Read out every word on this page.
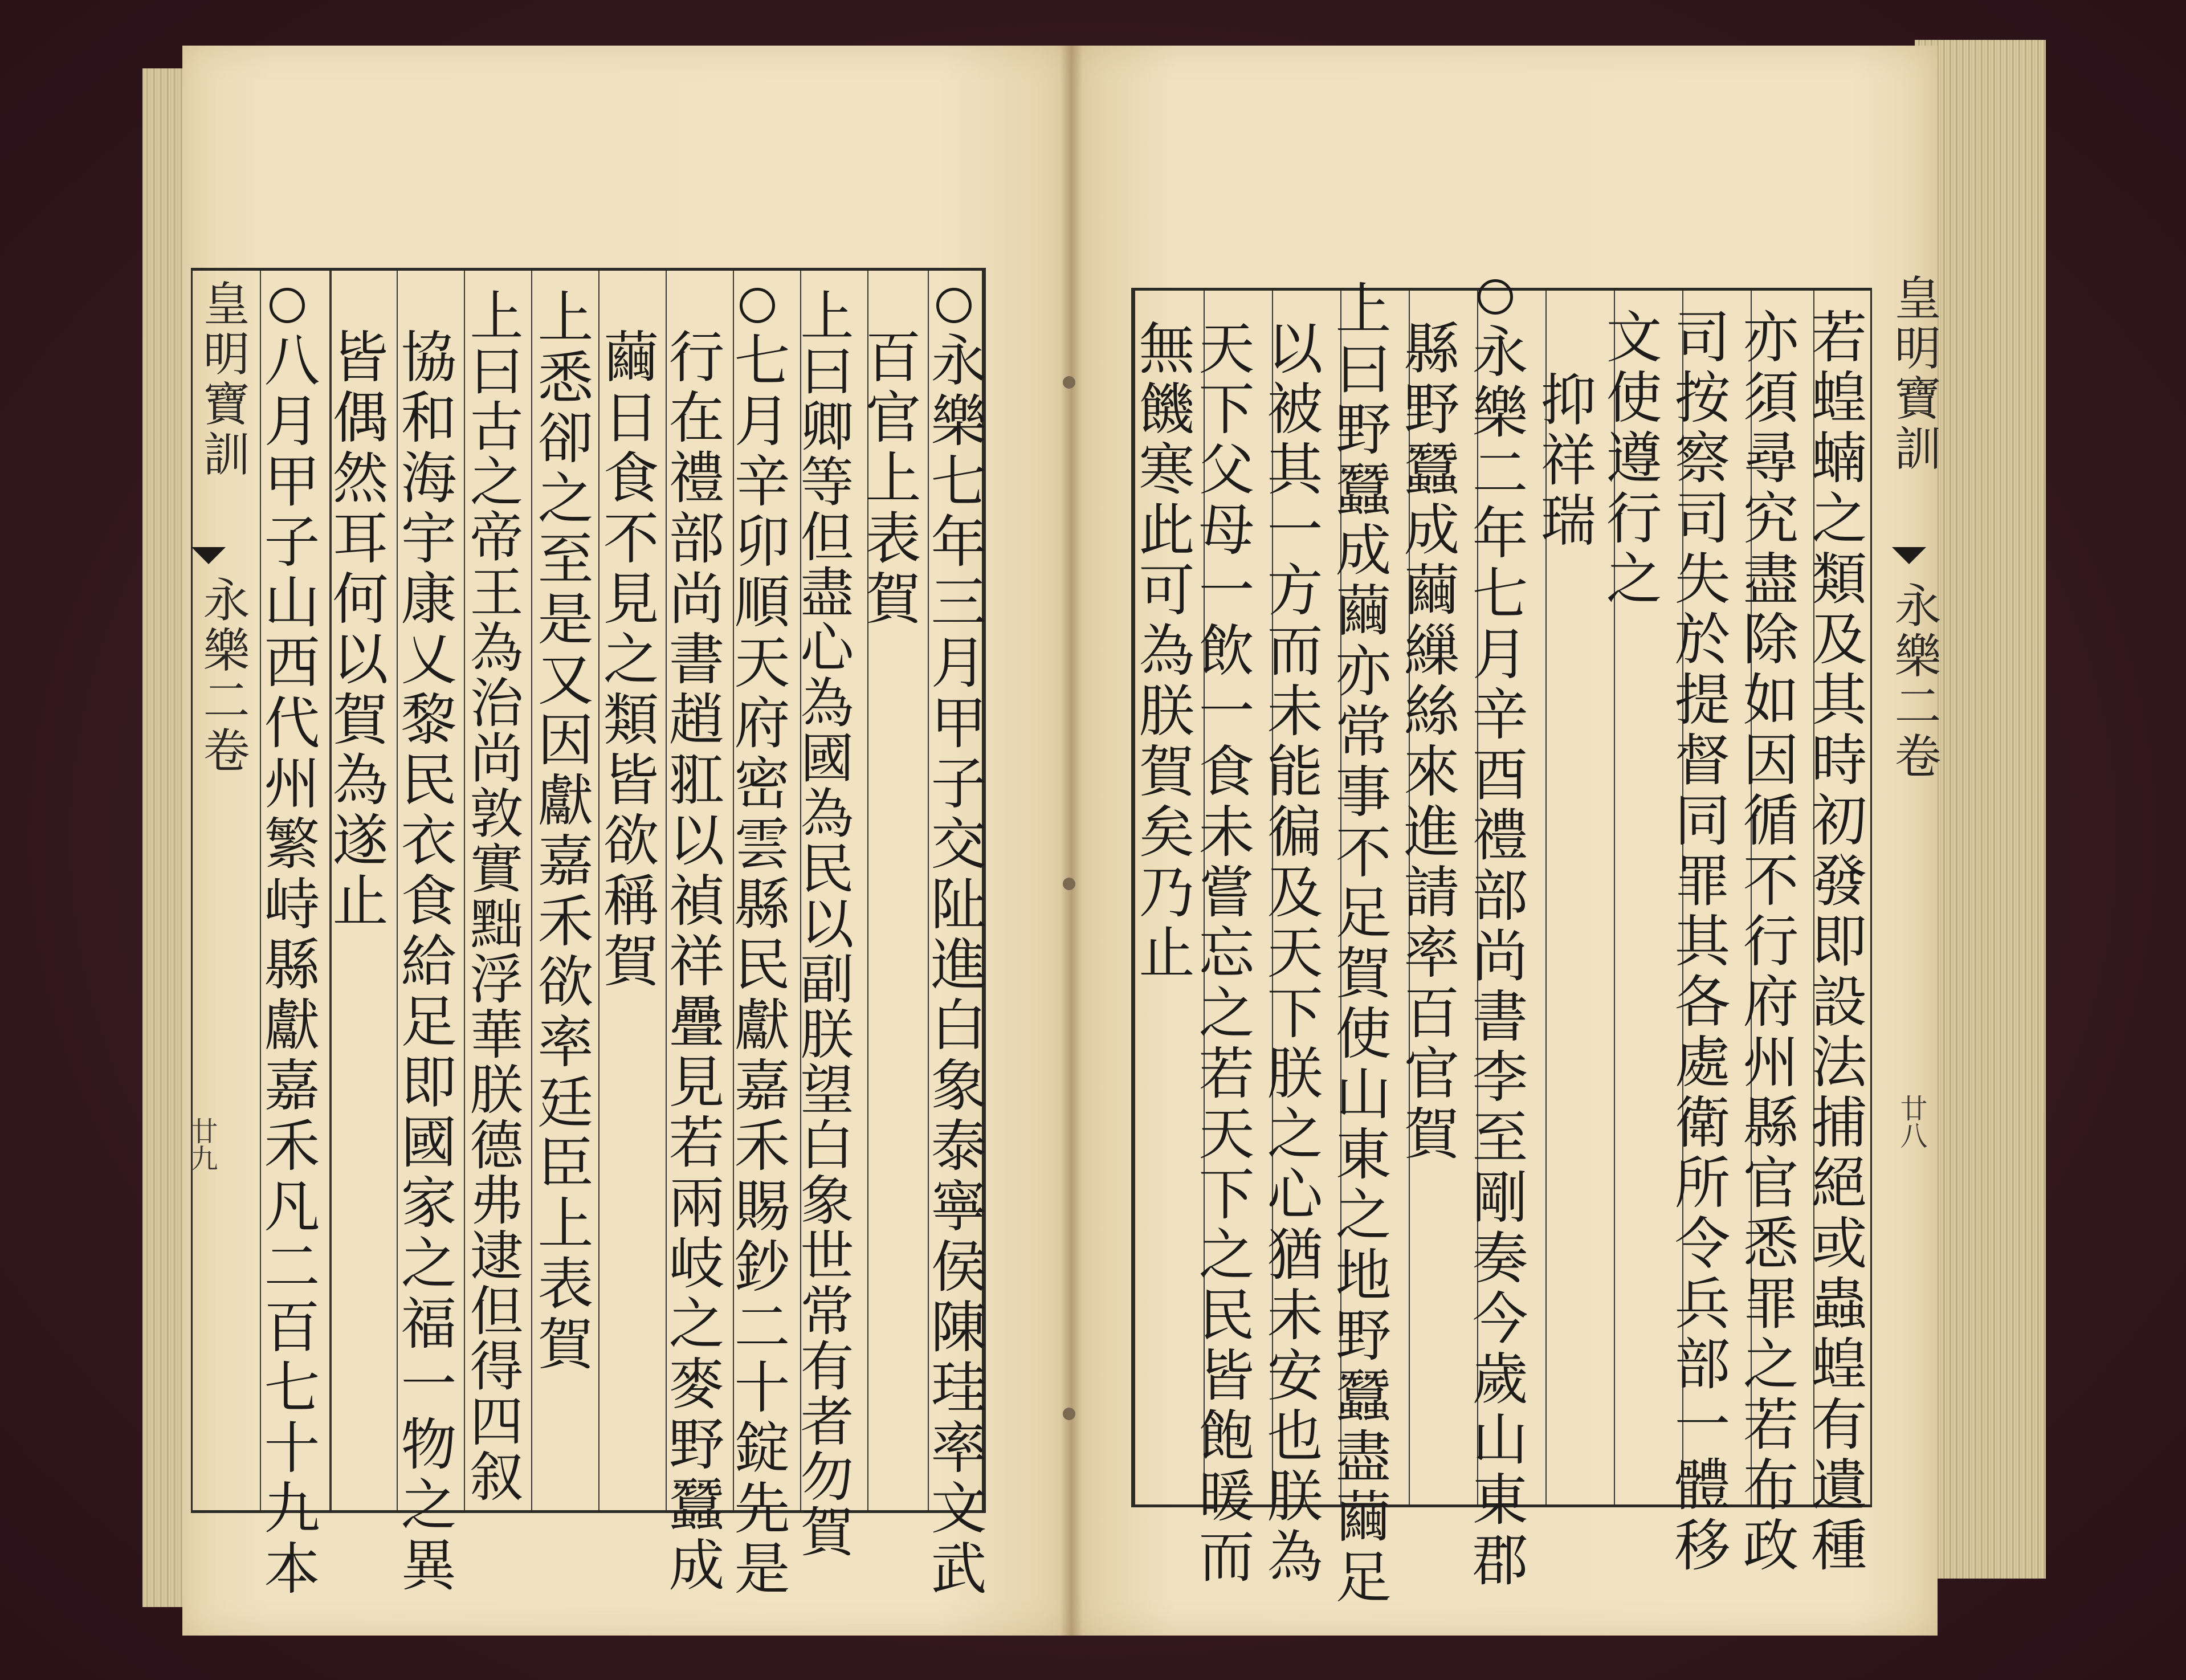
皇明寶訓
永樂二卷
廿九	永樂七年三月甲子交阯進白象泰寧侯陳珪率文武
百官上表賀
上曰卿等但盡心為國為民以副朕望白象世常有者勿賀
七月辛卯順天府密雲縣民獻嘉禾賜鈔二十錠先是
行在禮部尚書趙羾以禎祥疊見若兩岐之麥野蠶成
繭日食不見之類皆欲稱賀
上悉卻之至是又因獻嘉禾欲率廷臣上表賀
上曰古之帝王為治尚敦實黜浮華朕德弗逮但得四叙
協和海宇康乂黎民衣食給足即國家之福一物之異
皆偶然耳何以賀為遂止
八月甲子山西代州繁峙縣獻嘉禾凡二百七十九本	皇明寶訓
永樂二卷
廿八
若蝗蝻之類及其時初發即設法捕絕或蟲蝗有遺種
亦須尋究盡除如因循不行府州縣官悉罪之若布政
司按察司失於提督同罪其各處衛所令兵部一體移
文使遵行之
抑祥瑞
永樂二年七月辛酉禮部尚書李至剛奏今歲山東郡
縣野蠶成繭繅絲來進請率百官賀
上曰野蠶成繭亦常事不足賀使山東之地野蠶盡繭足
以被其一方而未能徧及天下朕之心猶未安也朕為
天下父母一飲一食未嘗忘之若天下之民皆飽暖而
無饑寒此可為朕賀矣乃止
